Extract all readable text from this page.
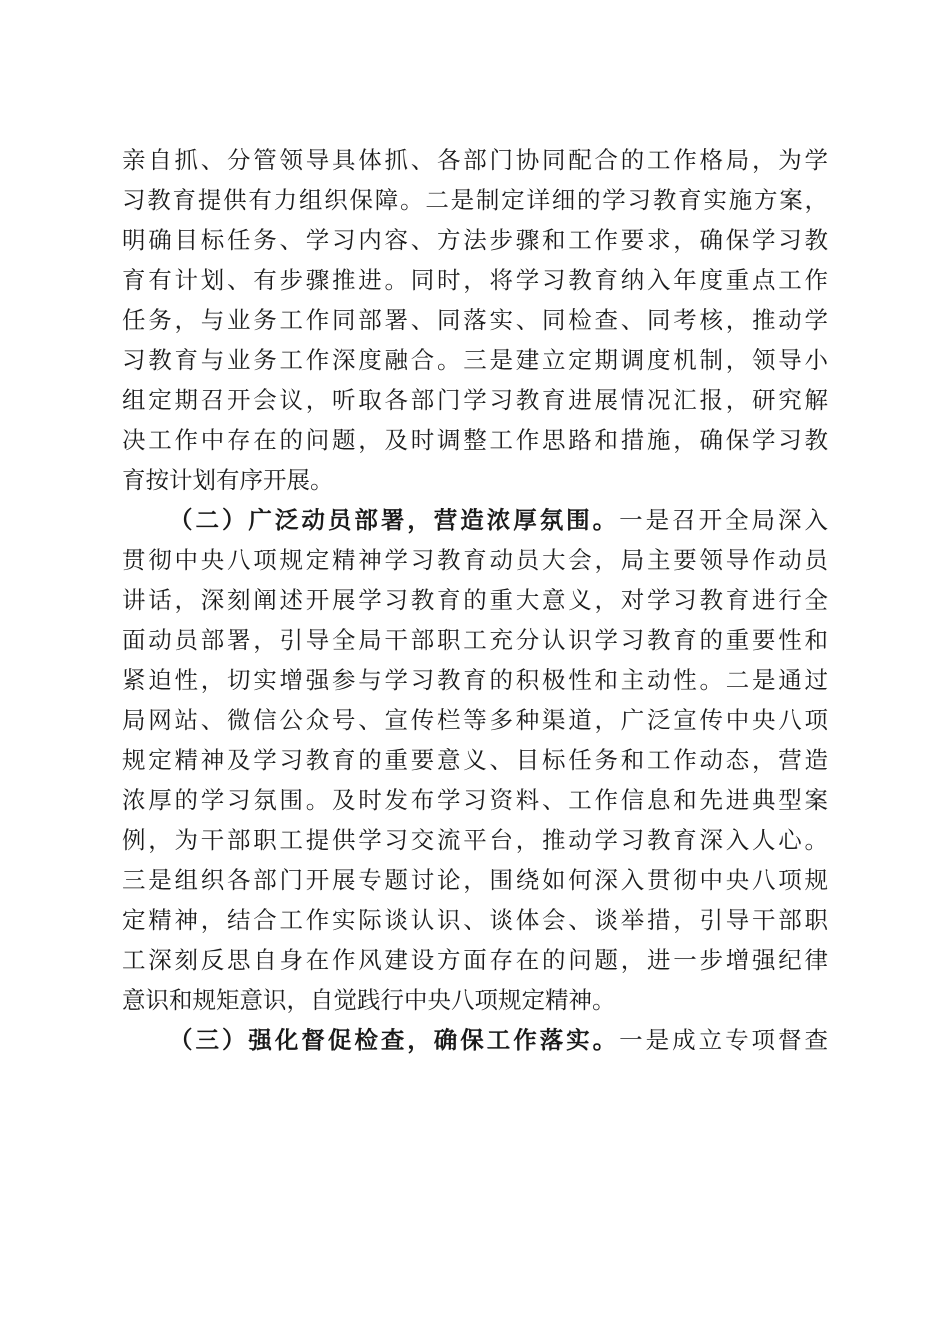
亲自抓、分管领导具体抓、各部门协同配合的工作格局，为学
习教育提供有力组织保障。二是制定详细的学习教育实施方案，
明确目标任务、学习内容、方法步骤和工作要求，确保学习教
育有计划、有步骤推进。同时，将学习教育纳入年度重点工作
任务，与业务工作同部署、同落实、同检查、同考核，推动学
习教育与业务工作深度融合。三是建立定期调度机制，领导小
组定期召开会议，听取各部门学习教育进展情况汇报，研究解
决工作中存在的问题，及时调整工作思路和措施，确保学习教
育按计划有序开展。
（二）广泛动员部署，营造浓厚氛围。一是召开全局深入
贯彻中央八项规定精神学习教育动员大会，局主要领导作动员
讲话，深刻阐述开展学习教育的重大意义，对学习教育进行全
面动员部署，引导全局干部职工充分认识学习教育的重要性和
紧迫性，切实增强参与学习教育的积极性和主动性。二是通过
局网站、微信公众号、宣传栏等多种渠道，广泛宣传中央八项
规定精神及学习教育的重要意义、目标任务和工作动态，营造
浓厚的学习氛围。及时发布学习资料、工作信息和先进典型案
例，为干部职工提供学习交流平台，推动学习教育深入人心。
三是组织各部门开展专题讨论，围绕如何深入贯彻中央八项规
定精神，结合工作实际谈认识、谈体会、谈举措，引导干部职
工深刻反思自身在作风建设方面存在的问题，进一步增强纪律
意识和规矩意识，自觉践行中央八项规定精神。
（三）强化督促检查，确保工作落实。一是成立专项督查
